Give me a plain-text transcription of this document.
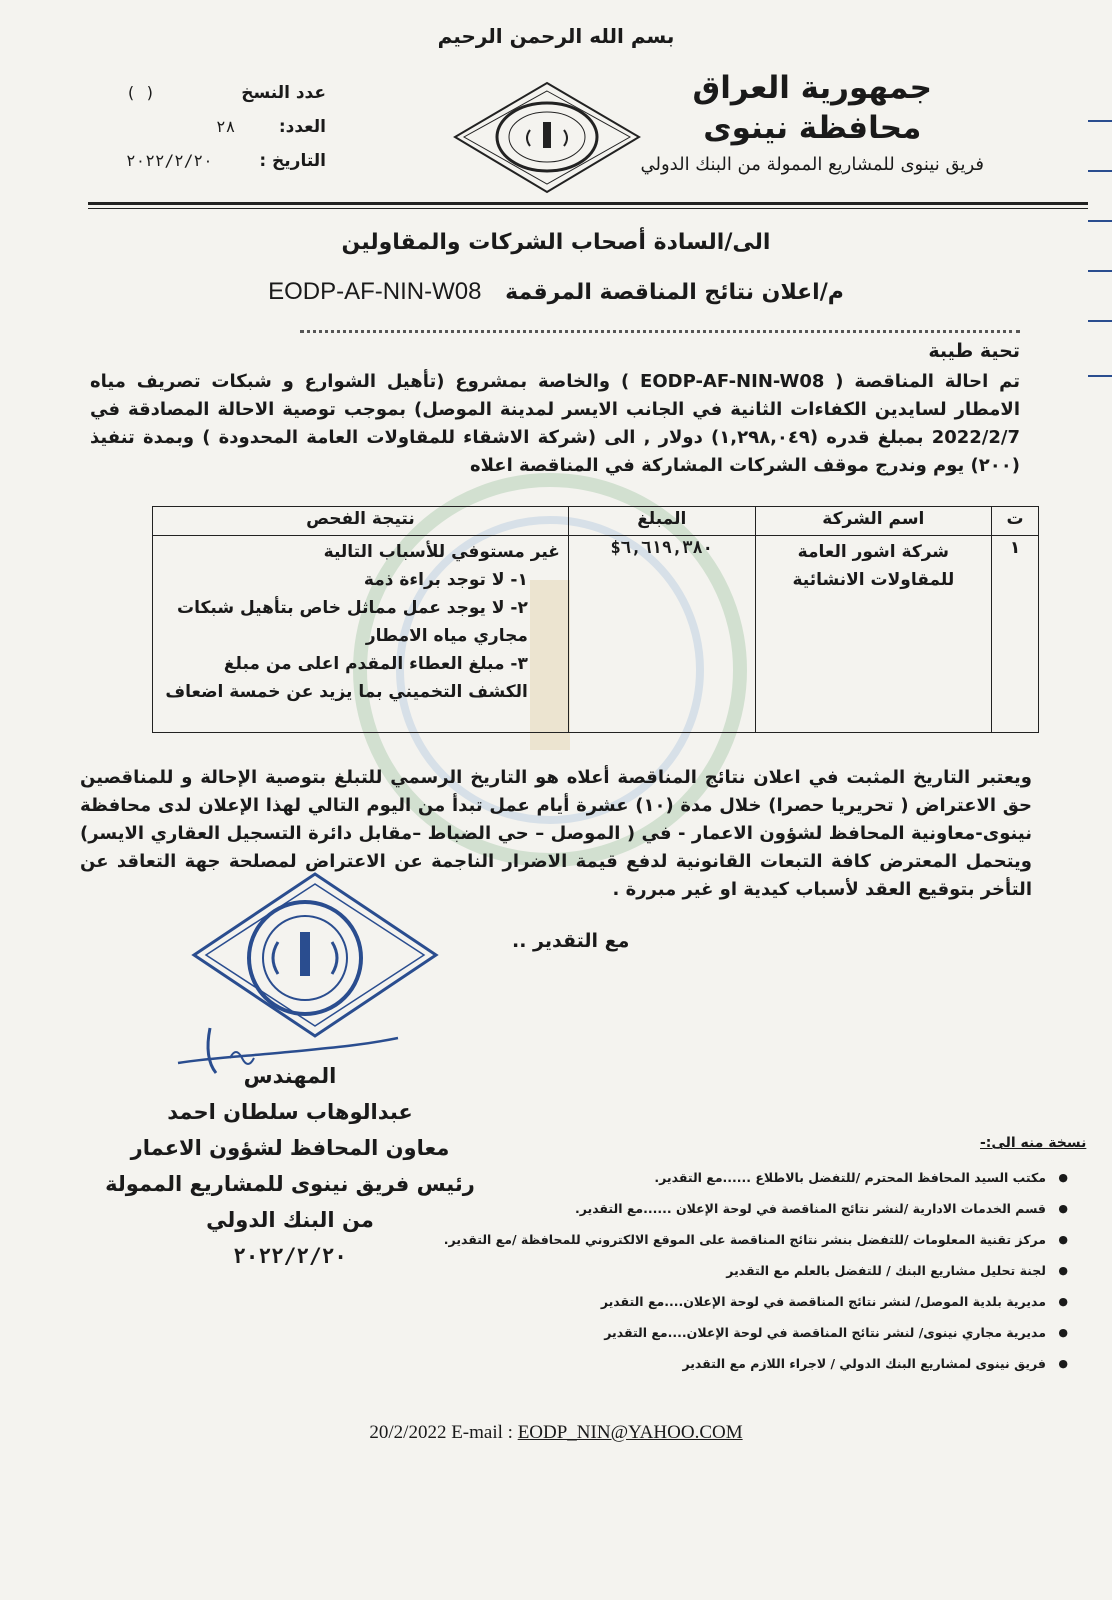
بسم الله الرحمن الرحيم
جمهورية العراق
محافظة نينوى
فريق نينوى للمشاريع الممولة من البنك الدولي
عدد النسخ
( )
العدد:
٢٨
التاريخ :
٢٠٢٢/٢/٢٠
الى/السادة أصحاب الشركات والمقاولين
م/اعلان نتائج المناقصة المرقمة EODP-AF-NIN-W08
تحية طيبة
تم احالة المناقصة ( EODP-AF-NIN-W08 ) والخاصة بمشروع (تأهيل الشوارع و شبكات تصريف مياه الامطار لسايدين الكفاءات الثانية في الجانب الايسر لمدينة الموصل) بموجب توصية الاحالة المصادقة في 2022/2/7 بمبلغ قدره (١,٢٩٨,٠٤٩) دولار , الى (شركة الاشقاء للمقاولات العامة المحدودة ) وبمدة تنفيذ (٢٠٠) يوم وندرج موقف الشركات المشاركة في المناقصة اعلاه
ت	اسم الشركة	المبلغ	نتيجة الفحص
١	شركة اشور العامة للمقاولات الانشائية	$٦,٦١٩,٣٨٠	غير مستوفي للأسباب التالية
١- لا توجد براءة ذمة
٢- لا يوجد عمل مماثل خاص بتأهيل شبكات مجاري مياه الامطار
٣- مبلغ العطاء المقدم اعلى من مبلغ الكشف التخميني بما يزيد عن خمسة اضعاف
ويعتبر التاريخ المثبت في اعلان نتائج المناقصة أعلاه هو التاريخ الرسمي للتبلغ بتوصية الإحالة و للمناقصين حق الاعتراض ( تحريريا حصرا) خلال مدة (١٠) عشرة أيام عمل تبدأ من اليوم التالي لهذا الإعلان لدى محافظة نينوى-معاونية المحافظ لشؤون الاعمار - في ( الموصل – حي الضباط –مقابل دائرة التسجيل العقاري الايسر) ويتحمل المعترض كافة التبعات القانونية لدفع قيمة الاضرار الناجمة عن الاعتراض لمصلحة جهة التعاقد عن التأخر بتوقيع العقد لأسباب كيدية او غير مبررة .
مع التقدير ..
المهندس
عبدالوهاب سلطان احمد
معاون المحافظ لشؤون الاعمار
رئيس فريق نينوى للمشاريع الممولة من البنك الدولي
٢٠٢٢/٢/٢٠
نسخة منه الى:-
● مكتب السيد المحافظ المحترم /للتفضل بالاطلاع ......مع التقدير.
● قسم الخدمات الادارية /لنشر نتائج المناقصة في لوحة الإعلان ......مع التقدير.
● مركز تقنية المعلومات /للتفضل بنشر نتائج المناقصة على الموقع الالكتروني للمحافظة /مع التقدير.
● لجنة تحليل مشاريع البنك / للتفضل بالعلم مع التقدير
● مديرية بلدية الموصل/ لنشر نتائج المناقصة في لوحة الإعلان....مع التقدير
● مديرية مجاري نينوى/ لنشر نتائج المناقصة في لوحة الإعلان....مع التقدير
● فريق نينوى لمشاريع البنك الدولي / لاجراء اللازم مع التقدير
20/2/2022 E-mail : EODP_NIN@YAHOO.COM
